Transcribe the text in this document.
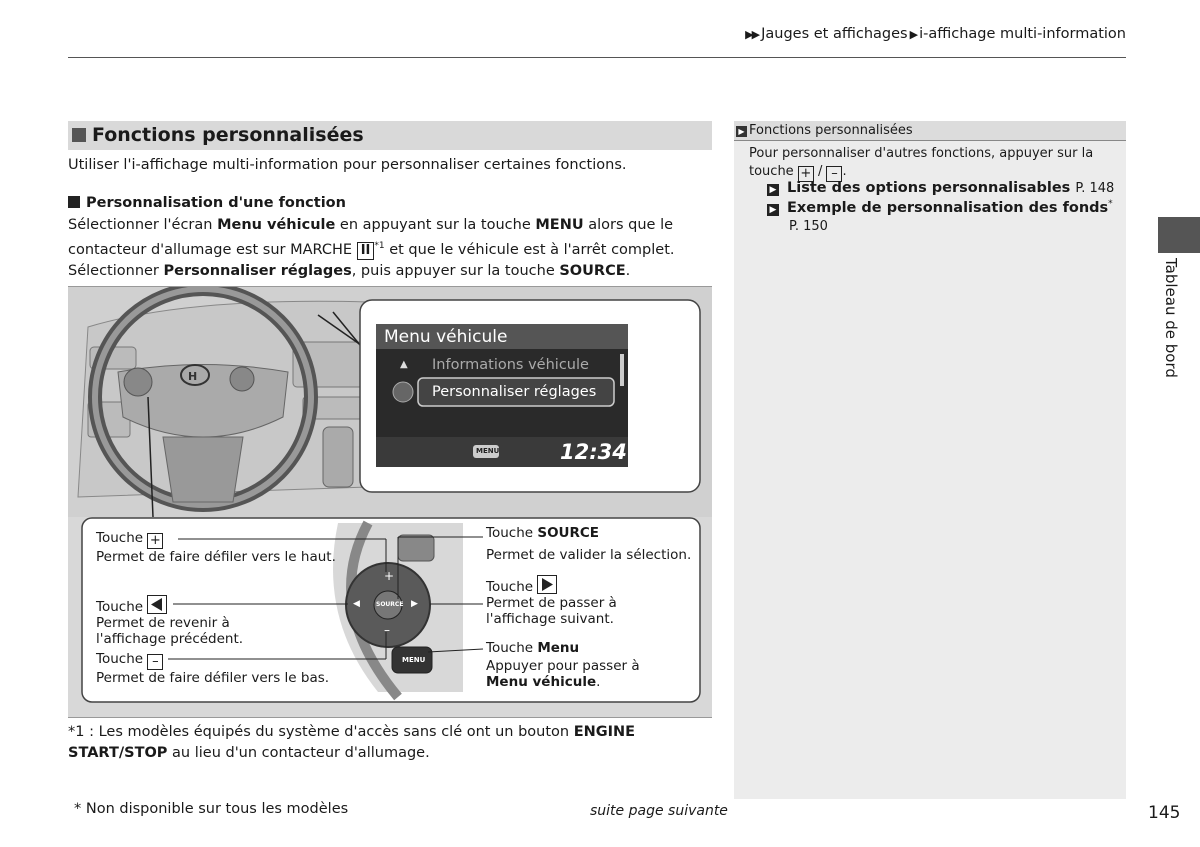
▶▶ Jauges et affichages ▶ i-affichage multi-information
Fonctions personnalisées
Utiliser l'i-affichage multi-information pour personnaliser certaines fonctions.
Personnalisation d'une fonction
Sélectionner l'écran Menu véhicule en appuyant sur la touche MENU alors que le contacteur d'allumage est sur MARCHE II $^{*1}$ et que le véhicule est à l'arrêt complet. Sélectionner Personnaliser réglages, puis appuyer sur la touche SOURCE.
H
▲
Menu véhicule
Informations véhicule
Personnaliser réglages
MENU	12:34
SOURCE
MENU
+
–
◀	▶
Touche +
Permet de faire défiler vers le haut.
Touche
Permet de revenir à
l'affichage précédent.
Touche –
Permet de faire défiler vers le bas.
Touche SOURCE
Permet de valider la sélection.
Touche
Permet de passer à
l'affichage suivant.
Touche Menu
Appuyer pour passer à
Menu véhicule.
*1 : Les modèles équipés du système d'accès sans clé ont un bouton ENGINE START/STOP au lieu d'un contacteur d'allumage.
* Non disponible sur tous les modèles	suite page suivante
▶ Fonctions personnalisées
Pour personnaliser d'autres fonctions, appuyer sur la touche + / – .
▶ Liste des options personnalisables P. 148
▶ Exemple de personnalisation des fonds*
P. 150
Tableau de bord
145
